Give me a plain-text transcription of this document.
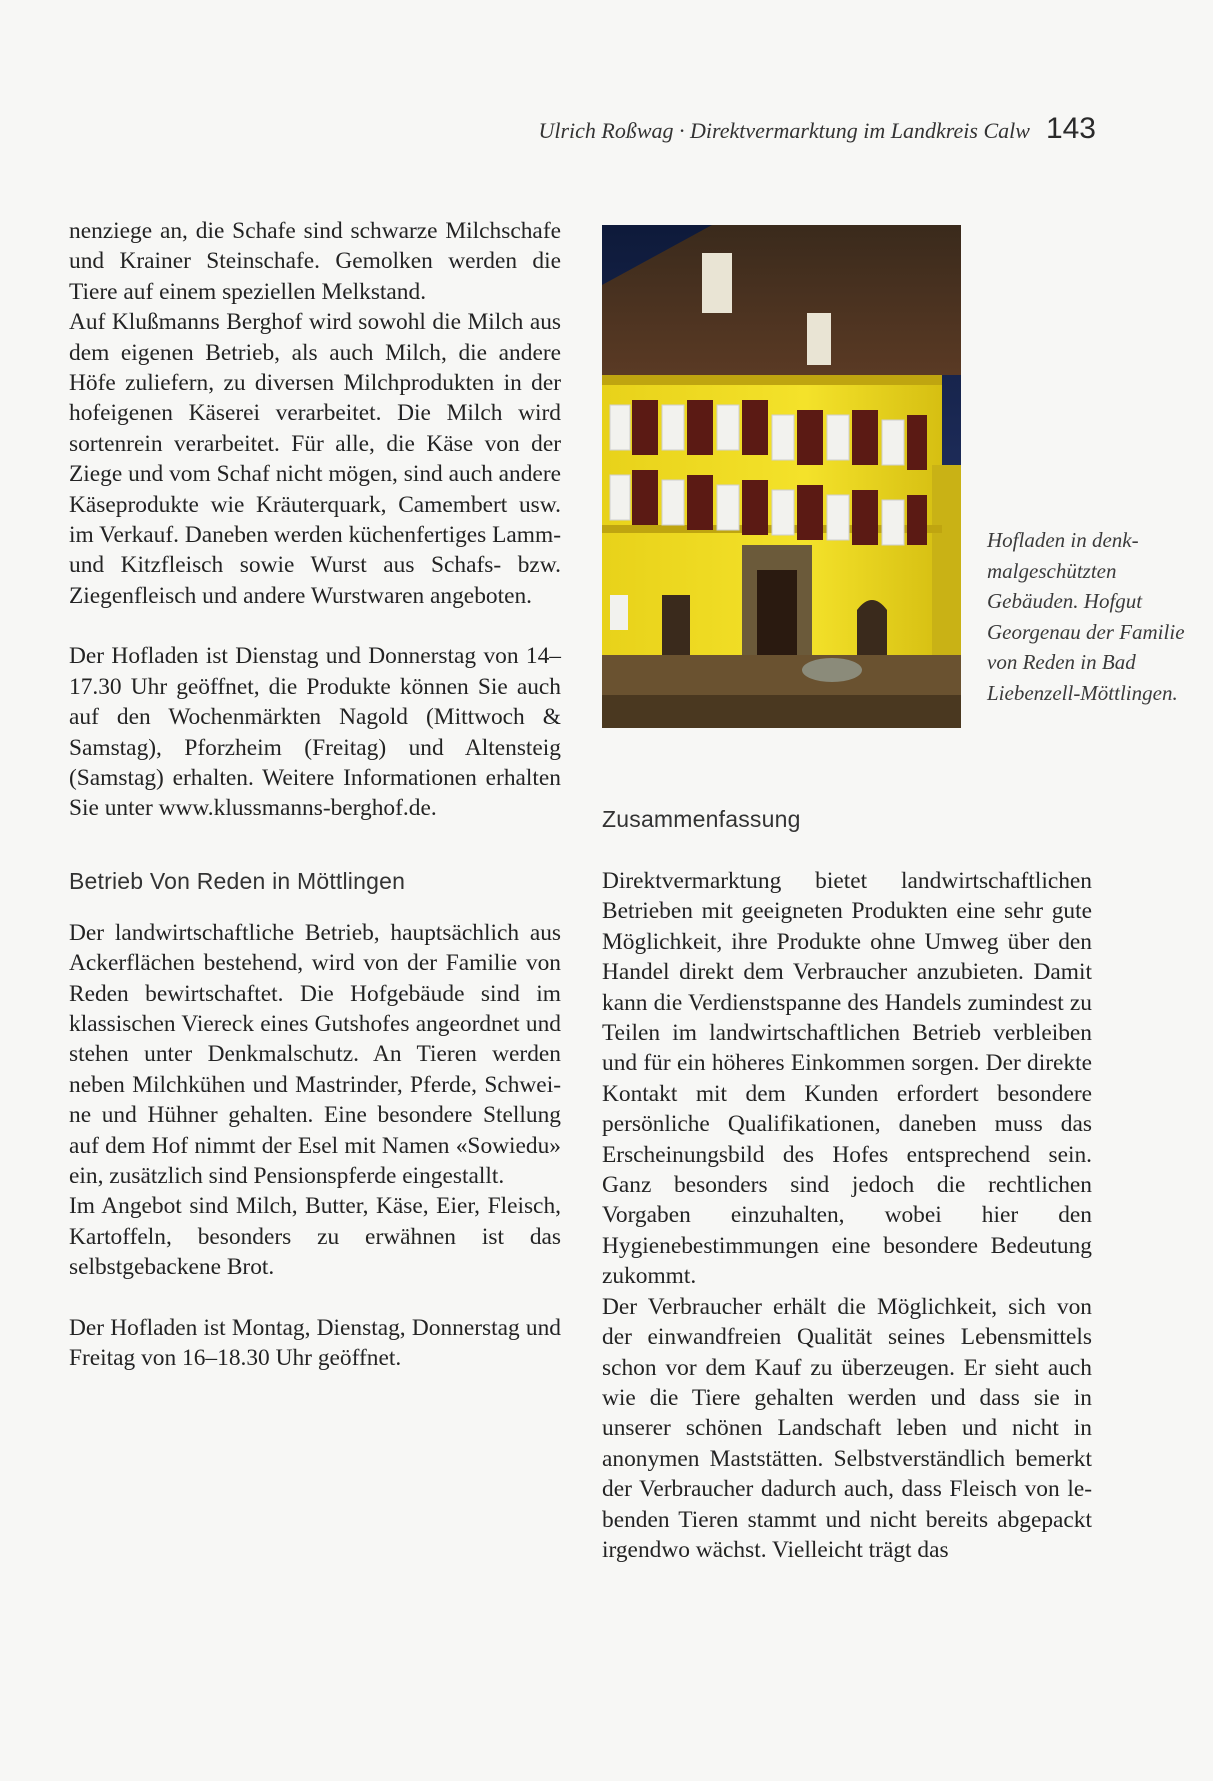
Ulrich Roßwag · Direktvermarktung im Landkreis Calw 143

nenziege an, die Schafe sind schwarze Milchschafe und Krainer Steinschafe. Gemolken werden die Tiere auf einem speziellen Melkstand.

Auf Klußmanns Berghof wird sowohl die Milch aus dem eigenen Betrieb, als auch Milch, die andere Höfe zuliefern, zu diversen Milchprodukten in der hofeigenen Käserei verarbeitet. Die Milch wird sortenrein verarbeitet. Für alle, die Käse von der Ziege und vom Schaf nicht mögen, sind auch andere Käseprodukte wie Kräuterquark, Camembert usw. im Verkauf. Daneben werden küchenfertiges Lamm- und Kitzfleisch sowie Wurst aus Schafs- bzw. Ziegenfleisch und andere Wurstwaren angeboten.

Der Hofladen ist Dienstag und Donnerstag von 14–17.30 Uhr geöffnet, die Produkte können Sie auch auf den Wochenmärkten Nagold (Mittwoch & Samstag), Pforzheim (Freitag) und Altensteig (Samstag) erhalten. Weitere Informationen erhalten Sie unter www.klussmanns-berghof.de.

Betrieb Von Reden in Möttlingen

Der landwirtschaftliche Betrieb, hauptsächlich aus Ackerflächen bestehend, wird von der Familie von Reden bewirtschaftet. Die Hofgebäude sind im klassischen Viereck eines Gutshofes angeordnet und stehen unter Denkmalschutz. An Tieren werden neben Milchkühen und Mastrinder, Pferde, Schweine und Hühner gehalten. Eine besondere Stellung auf dem Hof nimmt der Esel mit Namen «Sowiedu» ein, zusätzlich sind Pensionspferde eingestallt.

Im Angebot sind Milch, Butter, Käse, Eier, Fleisch, Kartoffeln, besonders zu erwähnen ist das selbstgebackene Brot.

Der Hofladen ist Montag, Dienstag, Donnerstag und Freitag von 16–18.30 Uhr geöffnet.

Hofladen in denkmalgeschützten Gebäuden. Hofgut Georgenau der Familie von Reden in Bad Liebenzell-Möttlingen.
Zusammenfassung

Direktvermarktung bietet landwirtschaftlichen Betrieben mit geeigneten Produkten eine sehr gute Möglichkeit, ihre Produkte ohne Umweg über den Handel direkt dem Verbraucher anzubieten. Damit kann die Verdienstspanne des Handels zumindest zu Teilen im landwirtschaftlichen Betrieb verbleiben und für ein höheres Einkommen sorgen. Der direkte Kontakt mit dem Kunden erfordert besondere persönliche Qualifikationen, daneben muss das Erscheinungsbild des Hofes entsprechend sein. Ganz besonders sind jedoch die rechtlichen Vorgaben einzuhalten, wobei hier den Hygienebestimmungen eine besondere Bedeutung zukommt.

Der Verbraucher erhält die Möglichkeit, sich von der einwandfreien Qualität seines Lebensmittels schon vor dem Kauf zu überzeugen. Er sieht auch wie die Tiere gehalten werden und dass sie in unserer schönen Landschaft leben und nicht in anonymen Maststätten. Selbstverständlich bemerkt der Verbraucher dadurch auch, dass Fleisch von lebenden Tieren stammt und nicht bereits abgepackt irgendwo wächst. Vielleicht trägt das
